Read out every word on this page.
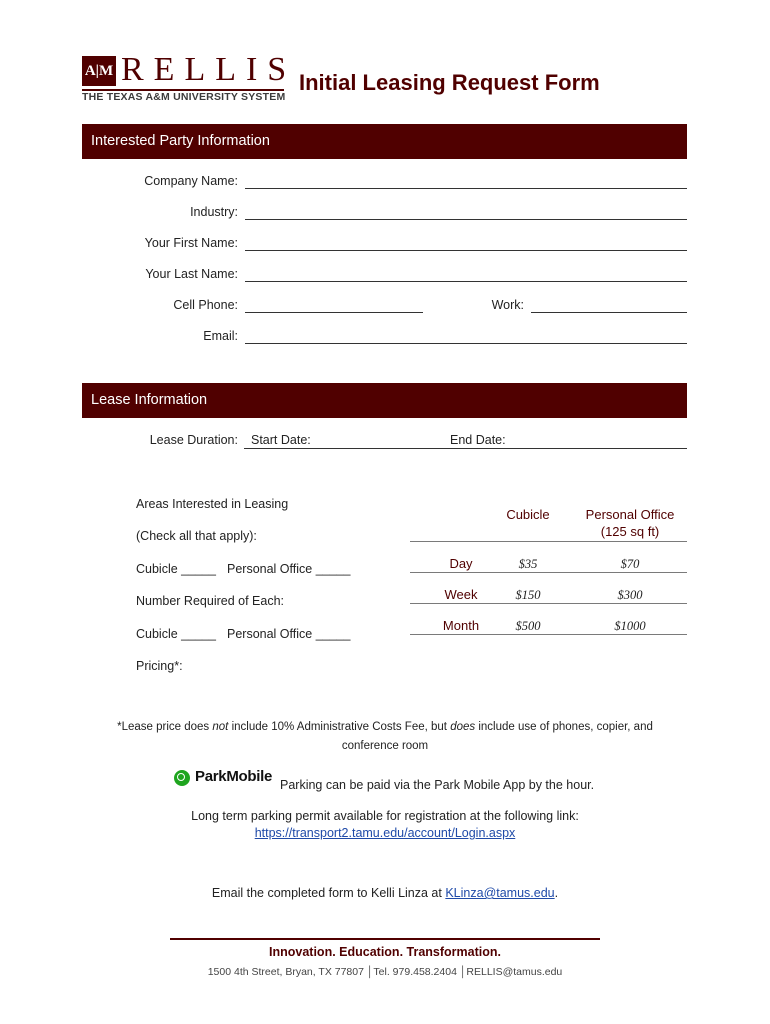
A|M RELLIS
THE TEXAS A&M UNIVERSITY SYSTEM
Initial Leasing Request Form
Interested Party Information
Company Name:
Industry:
Your First Name:
Your Last Name:
Cell Phone:	Work:
Email:
Lease Information
Lease Duration: Start Date:	End Date:
Areas Interested in Leasing
(Check all that apply):
Cubicle _____ Personal Office _____
Number Required of Each:
Cubicle _____ Personal Office _____
Pricing*:
Cubicle	Personal Office
(125 sq ft)
Day	$35	$70
Week	$150	$300
Month	$500	$1000
*Lease price does not include 10% Administrative Costs Fee, but does include use of phones, copier, and
conference room
ParkMobile Parking can be paid via the Park Mobile App by the hour.
Long term parking permit available for registration at the following link:
https://transport2.tamu.edu/account/Login.aspx
Email the completed form to Kelli Linza at KLinza@tamus.edu.
Innovation. Education. Transformation.
1500 4th Street, Bryan, TX 77807 │Tel. 979.458.2404 │RELLIS@tamus.edu
